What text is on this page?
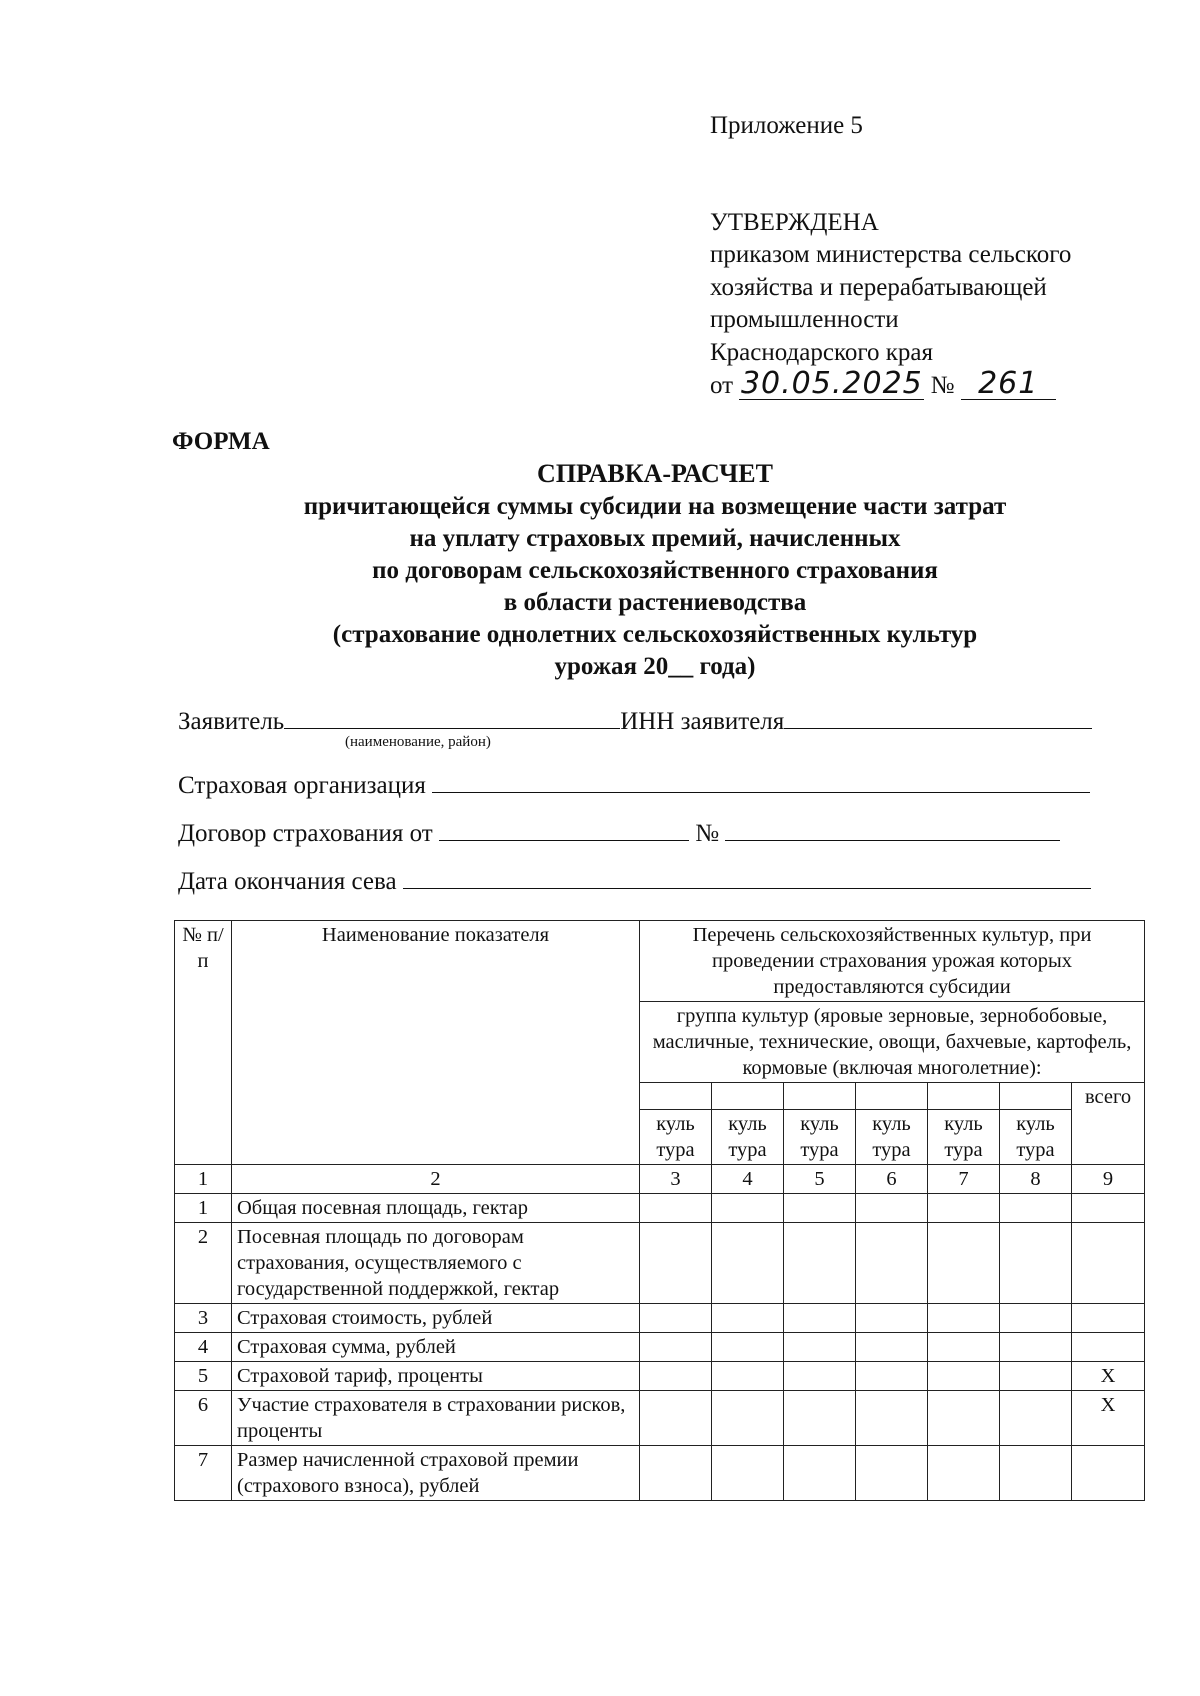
Приложение 5
УТВЕРЖДЕНА
приказом министерства сельского
хозяйства и перерабатывающей
промышленности
Краснодарского края
от 30.05.2025 № 261
ФОРМА
СПРАВКА-РАСЧЕТ
причитающейся суммы субсидии на возмещение части затрат
на уплату страховых премий, начисленных
по договорам сельскохозяйственного страхования
в области растениеводства
(страхование однолетних сельскохозяйственных культур
урожая 20__ года)
Заявитель	ИНН заявителя
(наименование, район)
Страховая организация
Договор страхования от	№
Дата окончания сева
№ п/п	Наименование показателя	Перечень сельскохозяйственных культур, при проведении страхования урожая которых предоставляются субсидии						
		группа культур (яровые зерновые, зернобобовые, масличные, технические, овощи, бахчевые, картофель, кормовые (включая многолетние):						
								всего
		куль тура	куль тура	куль тура	куль тура	куль тура	куль тура	
1	2	3	4	5	6	7	8	9
1	Общая посевная площадь, гектар							
2	Посевная площадь по договорам страхования, осуществляемого с государственной поддержкой, гектар							
3	Страховая стоимость, рублей							
4	Страховая сумма, рублей							
5	Страховой тариф, проценты							X
6	Участие страхователя в страховании рисков, проценты							X
7	Размер начисленной страховой премии (страхового взноса), рублей							
